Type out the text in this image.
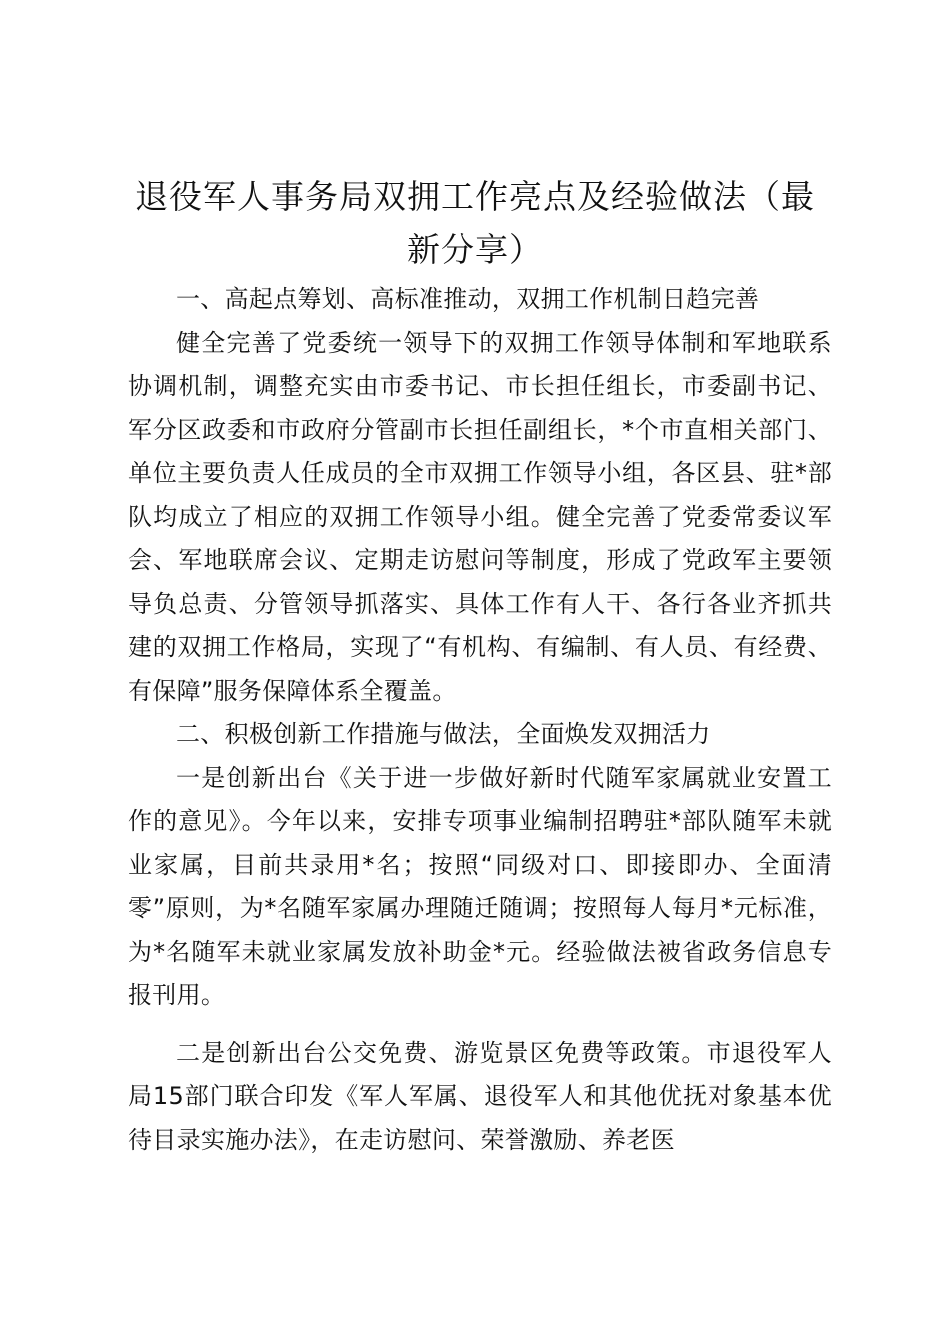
退役军人事务局双拥工作亮点及经验做法（最新分享）

一、高起点筹划、高标准推动，双拥工作机制日趋完善

健全完善了党委统一领导下的双拥工作领导体制和军地联系协调机制，调整充实由市委书记、市长担任组长，市委副书记、军分区政委和市政府分管副市长担任副组长，*个市直相关部门、单位主要负责人任成员的全市双拥工作领导小组，各区县、驻*部队均成立了相应的双拥工作领导小组。健全完善了党委常委议军会、军地联席会议、定期走访慰问等制度，形成了党政军主要领导负总责、分管领导抓落实、具体工作有人干、各行各业齐抓共建的双拥工作格局，实现了“有机构、有编制、有人员、有经费、有保障”服务保障体系全覆盖。

二、积极创新工作措施与做法，全面焕发双拥活力

一是创新出台《关于进一步做好新时代随军家属就业安置工作的意见》。今年以来，安排专项事业编制招聘驻*部队随军未就业家属，目前共录用*名；按照“同级对口、即接即办、全面清零”原则，为*名随军家属办理随迁随调；按照每人每月*元标准，为*名随军未就业家属发放补助金*元。经验做法被省政务信息专报刊用。

二是创新出台公交免费、游览景区免费等政策。市退役军人局15部门联合印发《军人军属、退役军人和其他优抚对象基本优待目录实施办法》，在走访慰问、荣誉激励、养老医
